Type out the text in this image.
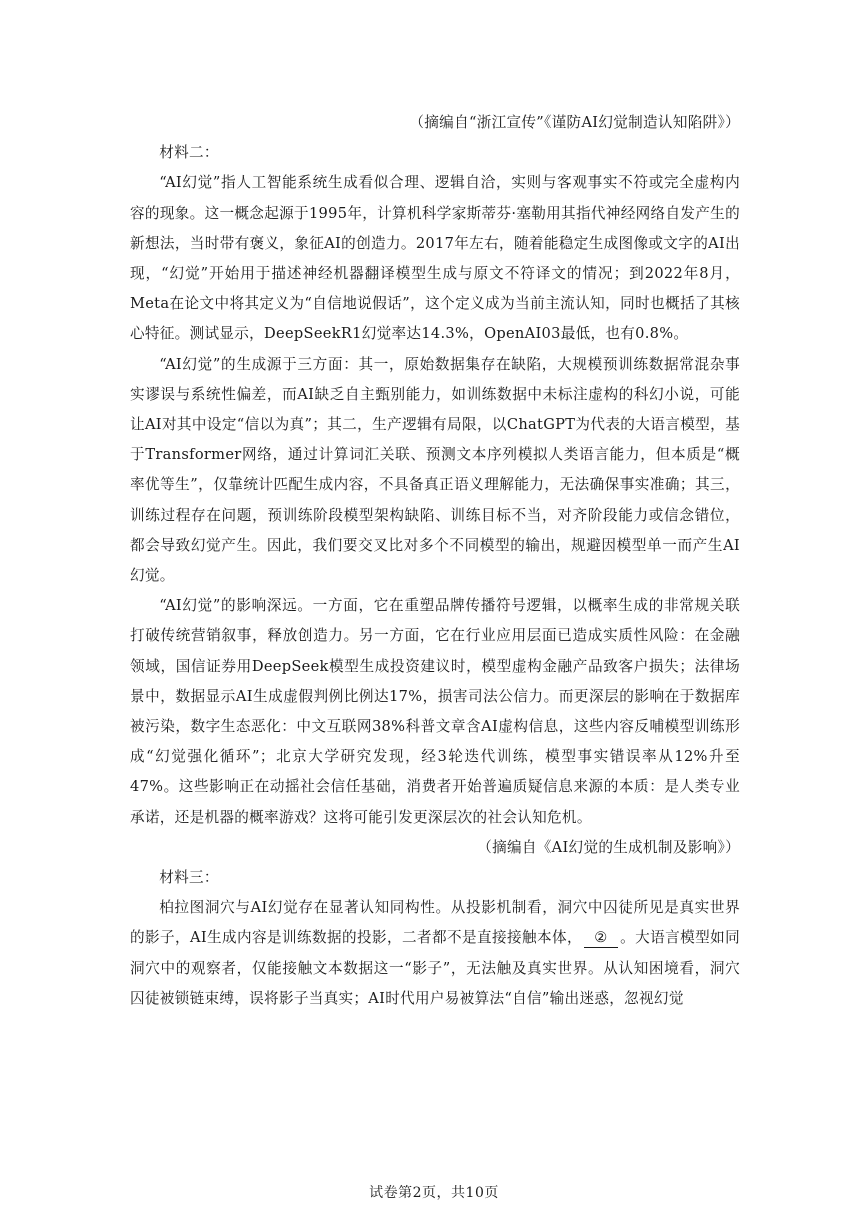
（摘编自“浙江宣传”《谨防AI幻觉制造认知陷阱》）

材料二：

“AI幻觉”指人工智能系统生成看似合理、逻辑自洽，实则与客观事实不符或完全虚构内容的现象。这一概念起源于1995年，计算机科学家斯蒂芬·塞勒用其指代神经网络自发产生的新想法，当时带有褒义，象征AI的创造力。2017年左右，随着能稳定生成图像或文字的AI出现，“幻觉”开始用于描述神经机器翻译模型生成与原文不符译文的情况；到2022年8月，Meta在论文中将其定义为“自信地说假话”，这个定义成为当前主流认知，同时也概括了其核心特征。测试显示，DeepSeekR1幻觉率达14.3%，OpenAI03最低，也有0.8%。

“AI幻觉”的生成源于三方面：其一，原始数据集存在缺陷，大规模预训练数据常混杂事实谬误与系统性偏差，而AI缺乏自主甄别能力，如训练数据中未标注虚构的科幻小说，可能让AI对其中设定“信以为真”；其二，生产逻辑有局限，以ChatGPT为代表的大语言模型，基于Transformer网络，通过计算词汇关联、预测文本序列模拟人类语言能力，但本质是“概率优等生”，仅靠统计匹配生成内容，不具备真正语义理解能力，无法确保事实准确；其三，训练过程存在问题，预训练阶段模型架构缺陷、训练目标不当，对齐阶段能力或信念错位，都会导致幻觉产生。因此，我们要交叉比对多个不同模型的输出，规避因模型单一而产生AI幻觉。

“AI幻觉”的影响深远。一方面，它在重塑品牌传播符号逻辑，以概率生成的非常规关联打破传统营销叙事，释放创造力。另一方面，它在行业应用层面已造成实质性风险：在金融领域，国信证券用DeepSeek模型生成投资建议时，模型虚构金融产品致客户损失；法律场景中，数据显示AI生成虚假判例比例达17%，损害司法公信力。而更深层的影响在于数据库被污染，数字生态恶化：中文互联网38%科普文章含AI虚构信息，这些内容反哺模型训练形成“幻觉强化循环”；北京大学研究发现，经3轮迭代训练，模型事实错误率从12%升至47%。这些影响正在动摇社会信任基础，消费者开始普遍质疑信息来源的本质：是人类专业承诺，还是机器的概率游戏？这将可能引发更深层次的社会认知危机。

（摘编自《AI幻觉的生成机制及影响》）

材料三：

柏拉图洞穴与AI幻觉存在显著认知同构性。从投影机制看，洞穴中囚徒所见是真实世界的影子，AI生成内容是训练数据的投影，二者都不是直接接触本体， ② 。大语言模型如同洞穴中的观察者，仅能接触文本数据这一“影子”，无法触及真实世界。从认知困境看，洞穴囚徒被锁链束缚，误将影子当真实；AI时代用户易被算法“自信”输出迷惑，忽视幻觉

试卷第2页，共10页
